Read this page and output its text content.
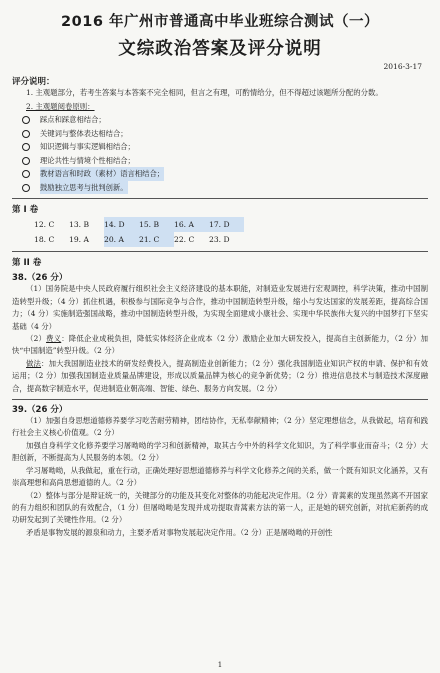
2016 年广州市普通高中毕业班综合测试（一）
文综政治答案及评分说明
2016-3-17
评分说明：

1. 主观题部分，若考生答案与本答案不完全相同，但言之有理，可酌情给分，但不得超过该题所分配的分数。

2. 主观题阅卷原则：
踩点和踩意相结合；
关键词与整体表达相结合；
知识逻辑与事实逻辑相结合；
理论共性与情境个性相结合；
教材语言和时政（素材）语言相结合；
鼓励独立思考与批判创新。
第 I 卷
12. C	13. B	14. D	15. B	16. A	17. D
18. C	19. A	20. A	21. C	22. C	23. D
第 II 卷
38.（26 分）

（1）国务院是中央人民政府履行组织社会主义经济建设的基本职能，对制造业发展进行宏观调控，科学决策，推动中国制造转型升级；（4 分）抓住机遇，积极参与国际竞争与合作，推动中国制造转型升级，缩小与发达国家的发展差距，提高综合国力；（4 分）实施制造强国战略，推动中国制造转型升级，为实现全面建成小康社会、实现中华民族伟大复兴的中国梦打下坚实基础（4 分）

（2）费义：降低企业成税负担，降低实体经济企业成本（2 分）激励企业加大研发投入，提高自主创新能力，（2 分）加快“中国制造”转型升级。（2 分）

做法：加大我国制造业技术的研发经费投入，提高制造业创新能力；（2 分）强化我国制造业知识产权的申请、保护和有效运用；（2 分）加强我国制造业质量品牌建设，形成以质量品牌为核心的竞争新优势；（2 分）推进信息技术与制造技术深度融合，提高数字制造水平，促进制造业朝高端、智能、绿色、服务方向发展。（2 分）

39.（26 分）

（1）加强自身思想道德修养要学习吃苦耐劳精神，团结协作，无私奉献精神；（2 分）坚定理想信念，从我做起，培育和践行社会主义核心价值观。（2 分）

加强自身科学文化修养要学习屠呦呦的学习和创新精神，取其古今中外的科学文化知识，为了科学事业而奋斗；（2 分）大胆创新，不断提高为人民服务的本领。（2 分）

学习屠呦呦，从我做起，重在行动，正确处理好思想道德修养与科学文化修养之间的关系，做一个既有知识文化涵养，又有崇高理想和高尚思想道德的人。（2 分）

（2）整体与部分是辩证统一的，关键部分的功能及其变化对整体的功能起决定作用。（2 分）青蒿素的发现虽然离不开国家的有力组织和团队的有效配合，（1 分）但屠呦呦是发现并成功提取青蒿素方法的第一人，正是她的研究创新，对抗疟新药的成功研发起到了关键性作用。（2 分）

矛盾是事物发展的源泉和动力，主要矛盾对事物发展起决定作用。（2 分）正是屠呦呦的开创性

1
